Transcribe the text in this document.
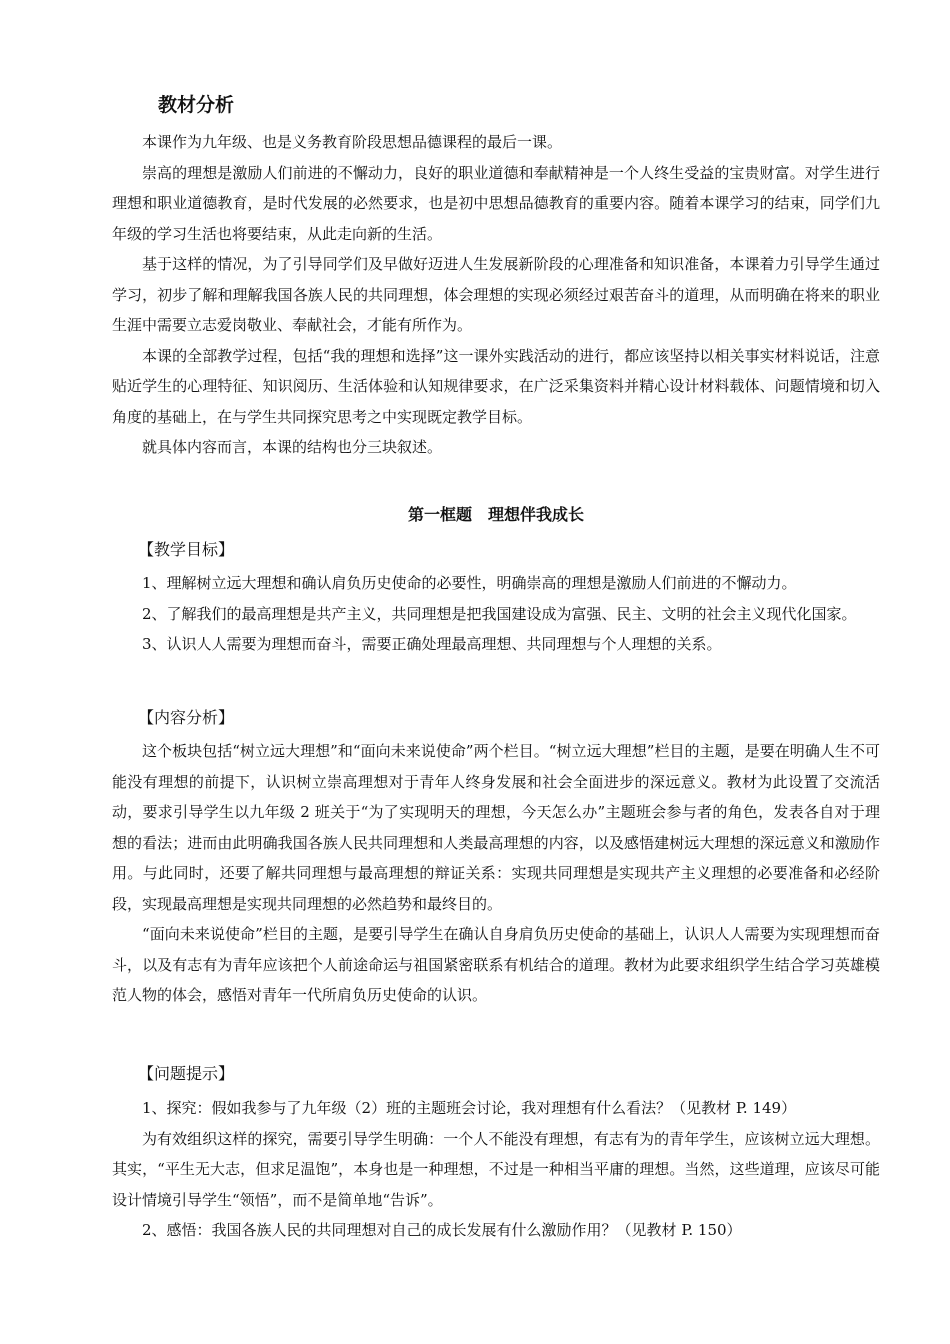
教材分析

本课作为九年级、也是义务教育阶段思想品德课程的最后一课。

崇高的理想是激励人们前进的不懈动力，良好的职业道德和奉献精神是一个人终生受益的宝贵财富。对学生进行理想和职业道德教育，是时代发展的必然要求，也是初中思想品德教育的重要内容。随着本课学习的结束，同学们九年级的学习生活也将要结束，从此走向新的生活。

基于这样的情况，为了引导同学们及早做好迈进人生发展新阶段的心理准备和知识准备，本课着力引导学生通过学习，初步了解和理解我国各族人民的共同理想，体会理想的实现必须经过艰苦奋斗的道理，从而明确在将来的职业生涯中需要立志爱岗敬业、奉献社会，才能有所作为。

本课的全部教学过程，包括“我的理想和选择”这一课外实践活动的进行，都应该坚持以相关事实材料说话，注意贴近学生的心理特征、知识阅历、生活体验和认知规律要求，在广泛采集资料并精心设计材料载体、问题情境和切入角度的基础上，在与学生共同探究思考之中实现既定教学目标。

就具体内容而言，本课的结构也分三块叙述。

第一框题　理想伴我成长
【教学目标】

1、理解树立远大理想和确认肩负历史使命的必要性，明确崇高的理想是激励人们前进的不懈动力。

2、了解我们的最高理想是共产主义，共同理想是把我国建设成为富强、民主、文明的社会主义现代化国家。

3、认识人人需要为理想而奋斗，需要正确处理最高理想、共同理想与个人理想的关系。

【内容分析】

这个板块包括“树立远大理想”和“面向未来说使命”两个栏目。“树立远大理想”栏目的主题，是要在明确人生不可能没有理想的前提下，认识树立崇高理想对于青年人终身发展和社会全面进步的深远意义。教材为此设置了交流活动，要求引导学生以九年级 2 班关于“为了实现明天的理想，今天怎么办”主题班会参与者的角色，发表各自对于理想的看法；进而由此明确我国各族人民共同理想和人类最高理想的内容，以及感悟建树远大理想的深远意义和激励作用。与此同时，还要了解共同理想与最高理想的辩证关系：实现共同理想是实现共产主义理想的必要准备和必经阶段，实现最高理想是实现共同理想的必然趋势和最终目的。

“面向未来说使命”栏目的主题，是要引导学生在确认自身肩负历史使命的基础上，认识人人需要为实现理想而奋斗，以及有志有为青年应该把个人前途命运与祖国紧密联系有机结合的道理。教材为此要求组织学生结合学习英雄模范人物的体会，感悟对青年一代所肩负历史使命的认识。

【问题提示】

1、探究：假如我参与了九年级（2）班的主题班会讨论，我对理想有什么看法？（见教材 P. 149）

为有效组织这样的探究，需要引导学生明确：一个人不能没有理想，有志有为的青年学生，应该树立远大理想。其实，“平生无大志，但求足温饱”，本身也是一种理想，不过是一种相当平庸的理想。当然，这些道理，应该尽可能设计情境引导学生“领悟”，而不是简单地“告诉”。

2、感悟：我国各族人民的共同理想对自己的成长发展有什么激励作用？（见教材 P. 150）
